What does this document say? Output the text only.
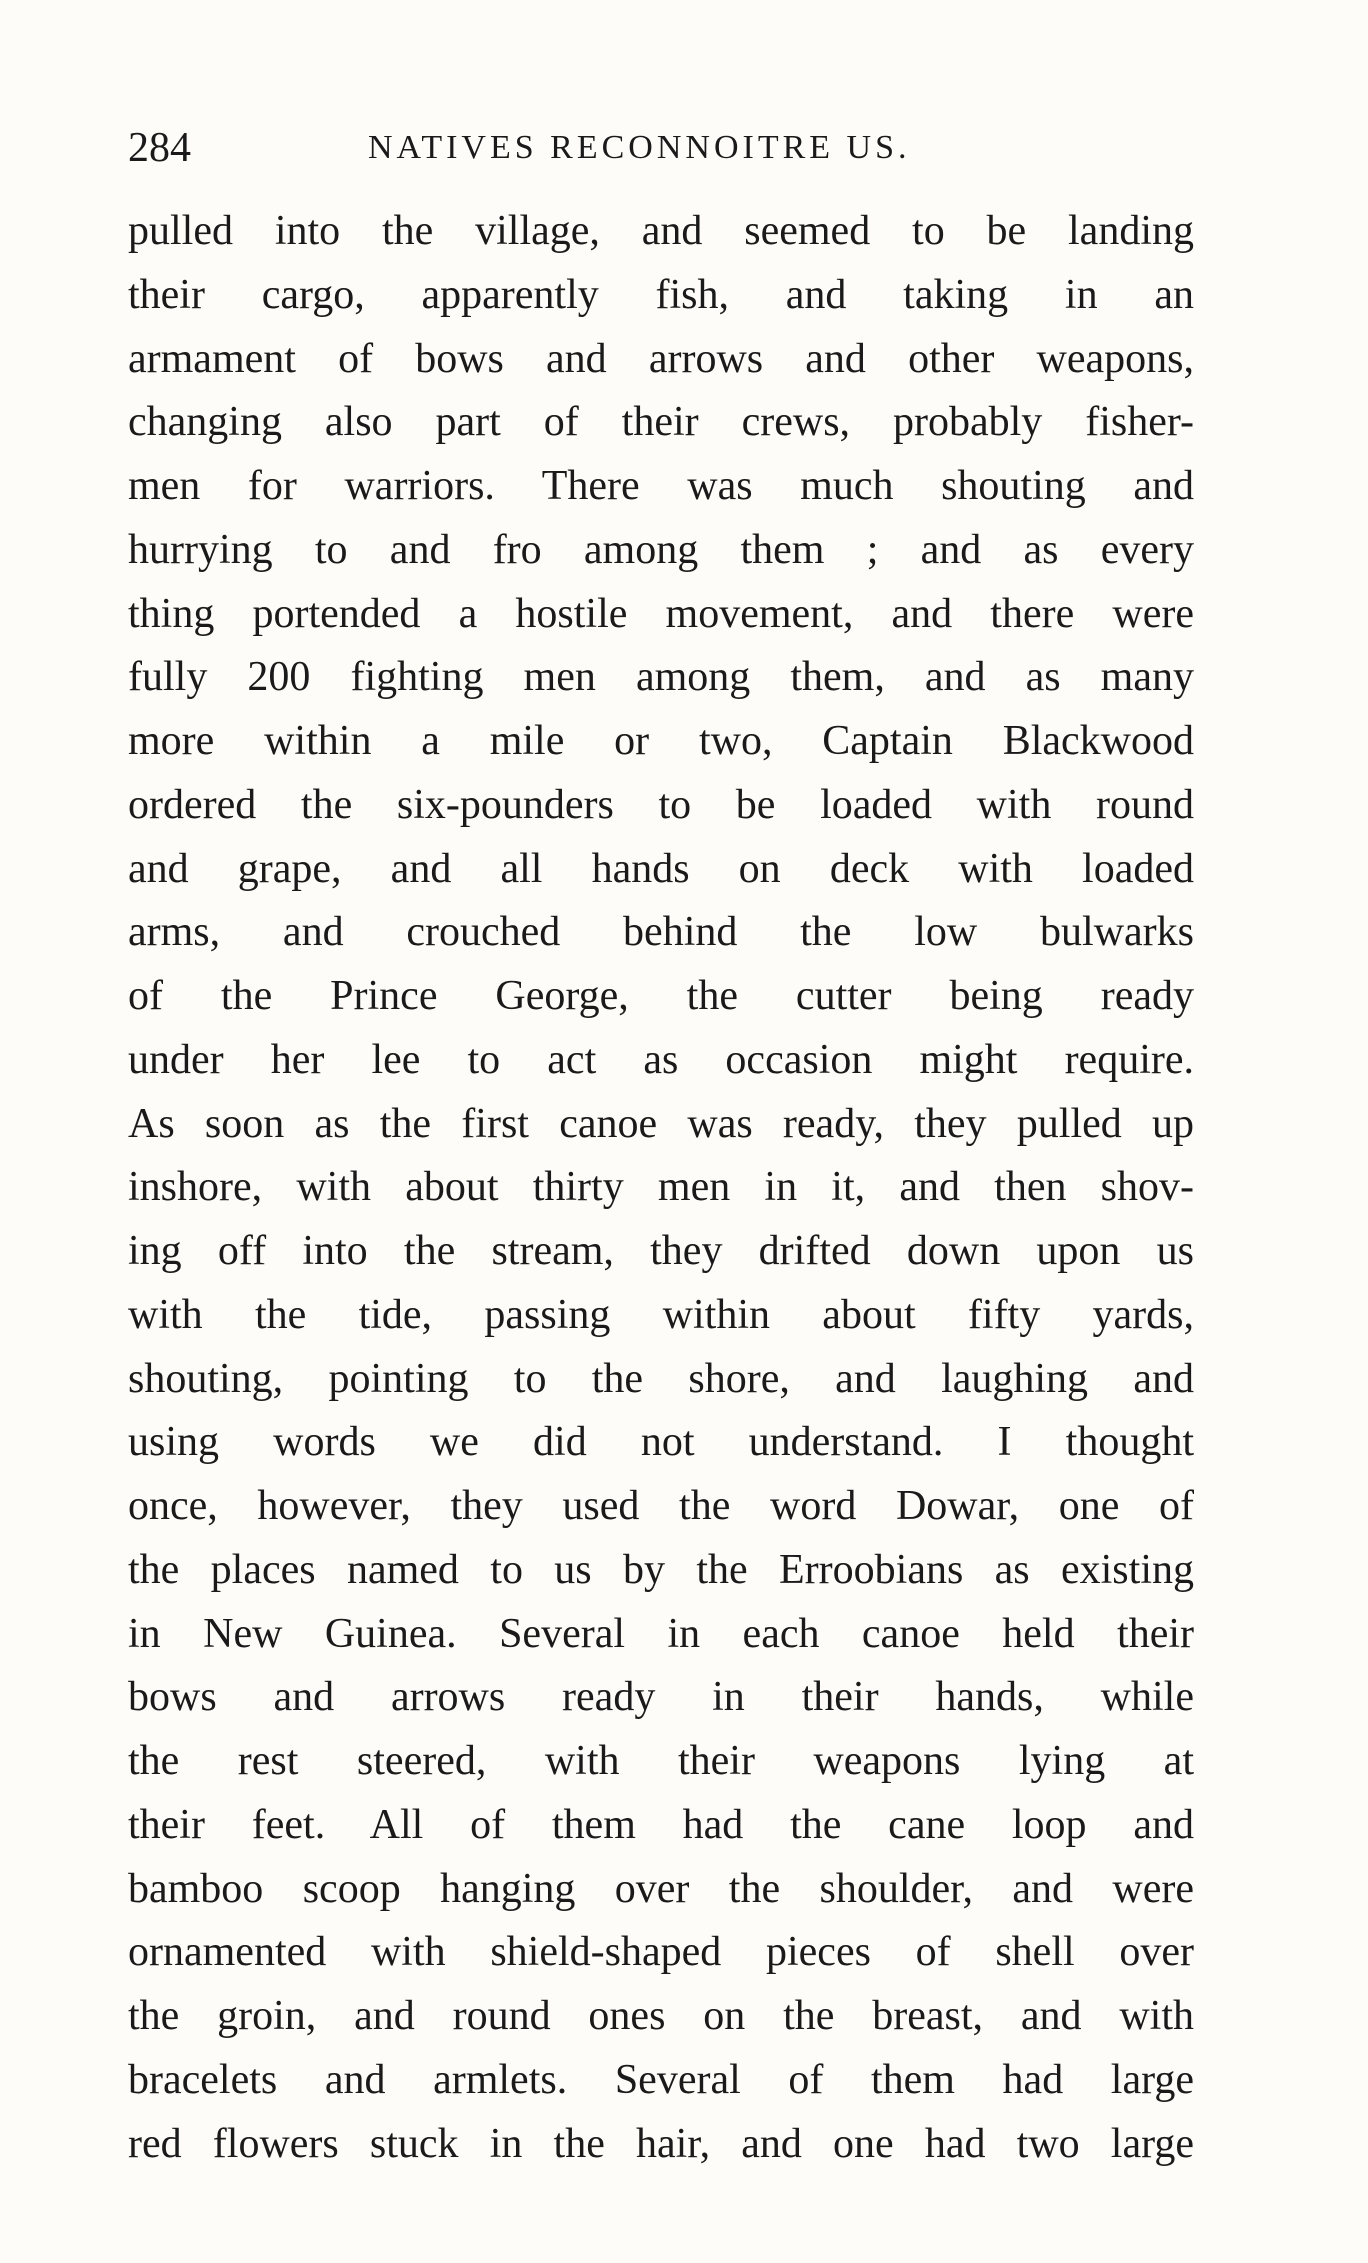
284	NATIVES RECONNOITRE US.
pulled into the village, and seemed to be landing
their cargo, apparently fish, and taking in an
armament of bows and arrows and other weapons,
changing also part of their crews, probably fisher-
men for warriors. There was much shouting and
hurrying to and fro among them ; and as every
thing portended a hostile movement, and there were
fully 200 fighting men among them, and as many
more within a mile or two, Captain Blackwood
ordered the six-pounders to be loaded with round
and grape, and all hands on deck with loaded
arms, and crouched behind the low bulwarks
of the Prince George, the cutter being ready
under her lee to act as occasion might require.
As soon as the first canoe was ready, they pulled up
inshore, with about thirty men in it, and then shov-
ing off into the stream, they drifted down upon us
with the tide, passing within about fifty yards,
shouting, pointing to the shore, and laughing and
using words we did not understand. I thought
once, however, they used the word Dowar, one of
the places named to us by the Erroobians as existing
in New Guinea. Several in each canoe held their
bows and arrows ready in their hands, while
the rest steered, with their weapons lying at
their feet. All of them had the cane loop and
bamboo scoop hanging over the shoulder, and were
ornamented with shield-shaped pieces of shell over
the groin, and round ones on the breast, and with
bracelets and armlets. Several of them had large
red flowers stuck in the hair, and one had two large
